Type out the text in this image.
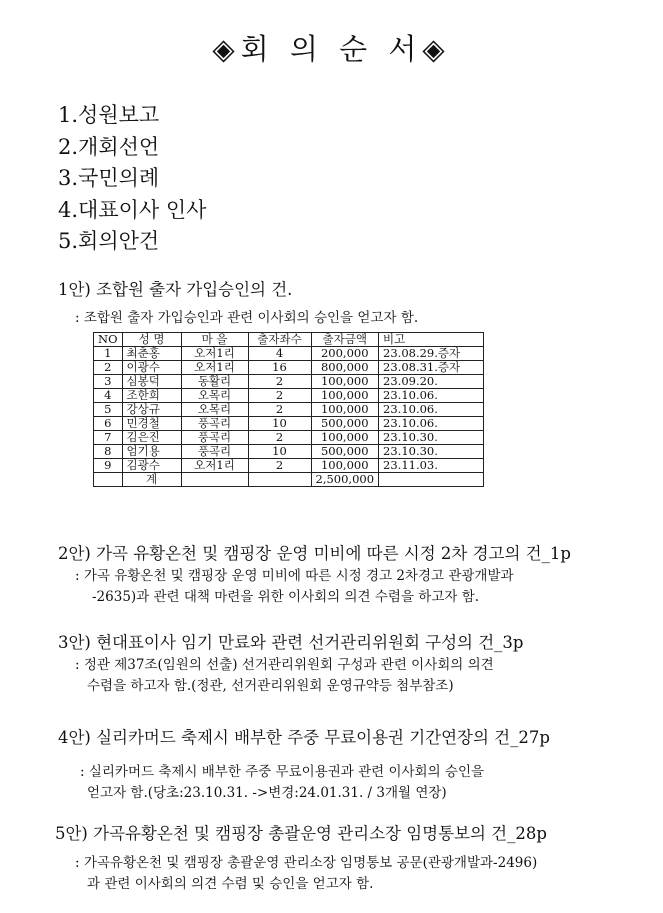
◈회 의 순 서◈
1.성원보고
2.개회선언
3.국민의례
4.대표이사 인사
5.회의안건
1안) 조합원 출자 가입승인의 건.
: 조합원 출자 가입승인과 관련 이사회의 승인을 얻고자 함.
NO	성 명	마 을	출자좌수	출자금액	비고
1	최춘홍	오저1리	4	200,000	23.08.29.증자
2	이광수	오저1리	16	800,000	23.08.31.증자
3	심봉덕	동활리	2	100,000	23.09.20.
4	조한희	오목리	2	100,000	23.10.06.
5	강상규	오목리	2	100,000	23.10.06.
6	민경철	풍곡리	10	500,000	23.10.06.
7	김은진	풍곡리	2	100,000	23.10.30.
8	엄기용	풍곡리	10	500,000	23.10.30.
9	김광수	오저1리	2	100,000	23.11.03.
	계			2,500,000	
2안) 가곡 유황온천 및 캠핑장 운영 미비에 따른 시정 2차 경고의 건_1p
: 가곡 유황온천 및 캠핑장 운영 미비에 따른 시정 경고 2차경고 관광개발과
-2635)과 관련 대책 마련을 위한 이사회의 의견 수렴을 하고자 함.
3안) 현대표이사 임기 만료와 관련 선거관리위원회 구성의 건_3p
: 정관 제37조(임원의 선출) 선거관리위원회 구성과 관련 이사회의 의견
수렴을 하고자 함.(정관, 선거관리위원회 운영규약등 첨부참조)
4안) 실리카머드 축제시 배부한 주중 무료이용권 기간연장의 건_27p
: 실리카머드 축제시 배부한 주중 무료이용권과 관련 이사회의 승인을
얻고자 함.(당초:23.10.31. ->변경:24.01.31. / 3개월 연장)
5안) 가곡유황온천 및 캠핑장 총괄운영 관리소장 임명통보의 건_28p
: 가곡유황온천 및 캠핑장 총괄운영 관리소장 임명통보 공문(관광개발과-2496)
과 관련 이사회의 의견 수렴 및 승인을 얻고자 함.
